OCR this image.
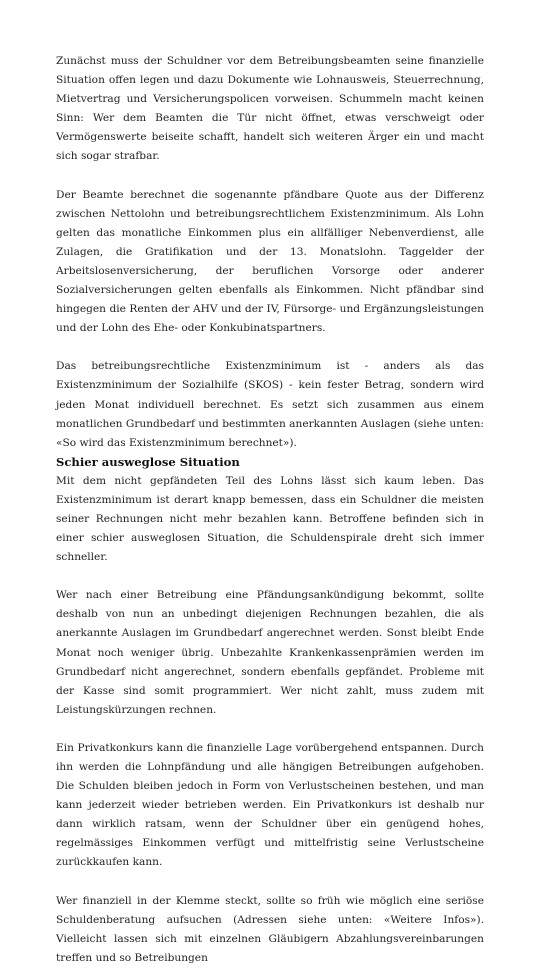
Zunächst muss der Schuldner vor dem Betreibungsbeamten seine finanzielle Situation offen legen und dazu Dokumente wie Lohnausweis, Steuerrechnung, Mietvertrag und Versicherungspolicen vorweisen. Schummeln macht keinen Sinn: Wer dem Beamten die Tür nicht öffnet, etwas verschweigt oder Vermögenswerte beiseite schafft, handelt sich weiteren Ärger ein und macht sich sogar strafbar.

Der Beamte berechnet die sogenannte pfändbare Quote aus der Differenz zwischen Nettolohn und betreibungsrechtlichem Existenzminimum. Als Lohn gelten das monatliche Einkommen plus ein allfälliger Nebenverdienst, alle Zulagen, die Gratifikation und der 13. Monatslohn. Taggelder der Arbeitslosenversicherung, der beruflichen Vorsorge oder anderer Sozialversicherungen gelten ebenfalls als Einkommen. Nicht pfändbar sind hingegen die Renten der AHV und der IV, Fürsorge- und Ergänzungsleistungen und der Lohn des Ehe- oder Konkubinatspartners.

Das betreibungsrechtliche Existenzminimum ist - anders als das Existenzminimum der Sozialhilfe (SKOS) - kein fester Betrag, sondern wird jeden Monat individuell berechnet. Es setzt sich zusammen aus einem monatlichen Grundbedarf und bestimmten anerkannten Auslagen (siehe unten: «So wird das Existenzminimum berechnet»).

Schier ausweglose Situation

Mit dem nicht gepfändeten Teil des Lohns lässt sich kaum leben. Das Existenzminimum ist derart knapp bemessen, dass ein Schuldner die meisten seiner Rechnungen nicht mehr bezahlen kann. Betroffene befinden sich in einer schier ausweglosen Situation, die Schuldenspirale dreht sich immer schneller.

Wer nach einer Betreibung eine Pfändungsankündigung bekommt, sollte deshalb von nun an unbedingt diejenigen Rechnungen bezahlen, die als anerkannte Auslagen im Grundbedarf angerechnet werden. Sonst bleibt Ende Monat noch weniger übrig. Unbezahlte Krankenkassenprämien werden im Grundbedarf nicht angerechnet, sondern ebenfalls gepfändet. Probleme mit der Kasse sind somit programmiert. Wer nicht zahlt, muss zudem mit Leistungskürzungen rechnen.

Ein Privatkonkurs kann die finanzielle Lage vorübergehend entspannen. Durch ihn werden die Lohnpfändung und alle hängigen Betreibungen aufgehoben. Die Schulden bleiben jedoch in Form von Verlustscheinen bestehen, und man kann jederzeit wieder betrieben werden. Ein Privatkonkurs ist deshalb nur dann wirklich ratsam, wenn der Schuldner über ein genügend hohes, regelmässiges Einkommen verfügt und mittelfristig seine Verlustscheine zurückkaufen kann.

Wer finanziell in der Klemme steckt, sollte so früh wie möglich eine seriöse Schuldenberatung aufsuchen (Adressen siehe unten: «Weitere Infos»). Vielleicht lassen sich mit einzelnen Gläubigern Abzahlungsvereinbarungen treffen und so Betreibungen
